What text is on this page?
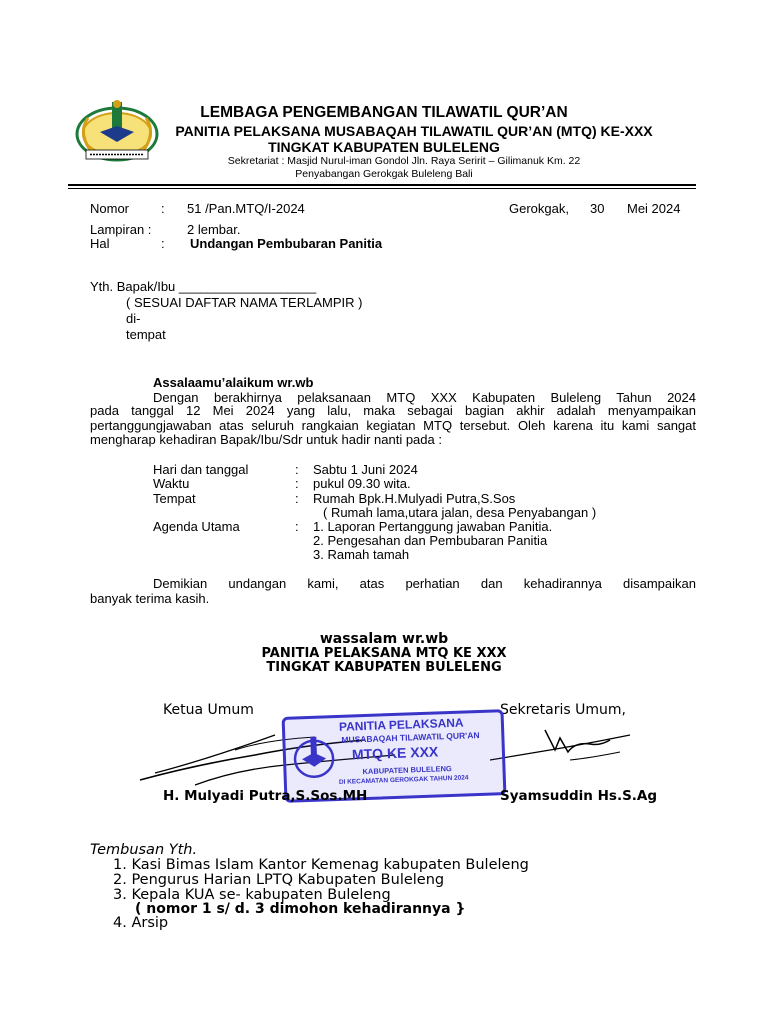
LEMBAGA PENGEMBANGAN TILAWATIL QUR’AN
PANITIA PELAKSANA MUSABAQAH TILAWATIL QUR’AN (MTQ) KE-XXX
TINGKAT KABUPATEN BULELENG
Sekretariat : Masjid Nurul-iman Gondol Jln. Raya Seririt – Gilimanuk Km. 22
Penyabangan Gerokgak Buleleng Bali
Nomor : 51 /Pan.MTQ/I-2024	Gerokgak, 30 Mei 2024
Lampiran :	2 lembar.
Hal	: Undangan Pembubaran Panitia
Yth. Bapak/Ibu ___________________
( SESUAI DAFTAR NAMA TERLAMPIR )
di-
tempat
Assalaamu’alaikum wr.wb
Dengan berakhirnya pelaksanaan MTQ XXX Kabupaten Buleleng Tahun 2024
pada tanggal 12 Mei 2024 yang lalu, maka sebagai bagian akhir adalah menyampaikan pertanggungjawaban atas seluruh rangkaian kegiatan MTQ tersebut. Oleh karena itu kami sangat mengharap kehadiran Bapak/Ibu/Sdr untuk hadir nanti pada :
Hari dan tanggal	: Sabtu 1 Juni 2024
Waktu	: pukul 09.30 wita.
Tempat	: Rumah Bpk.H.Mulyadi Putra,S.Sos
( Rumah lama,utara jalan, desa Penyabangan )
Agenda Utama	: 1. Laporan Pertanggung jawaban Panitia.
2. Pengesahan dan Pembubaran Panitia
3. Ramah tamah
Demikian undangan kami, atas perhatian dan kehadirannya disampaikan
banyak terima kasih.
wassalam wr.wb
PANITIA PELAKSANA MTQ KE XXX
TINGKAT KABUPATEN BULELENG
Ketua Umum	Sekretaris Umum,
PANITIA PELAKSANA
MUSABAQAH TILAWATIL QUR'AN
MTQ KE XXX
KABUPATEN BULELENG
DI KECAMATAN GEROKGAK TAHUN 2024
H. Mulyadi Putra,S.Sos.MH	Syamsuddin Hs.S.Ag
Tembusan Yth.
1. Kasi Bimas Islam Kantor Kemenag kabupaten Buleleng
2. Pengurus Harian LPTQ Kabupaten Buleleng
3. Kepala KUA se- kabupaten Buleleng
( nomor 1 s/ d. 3 dimohon kehadirannya }
4. Arsip
